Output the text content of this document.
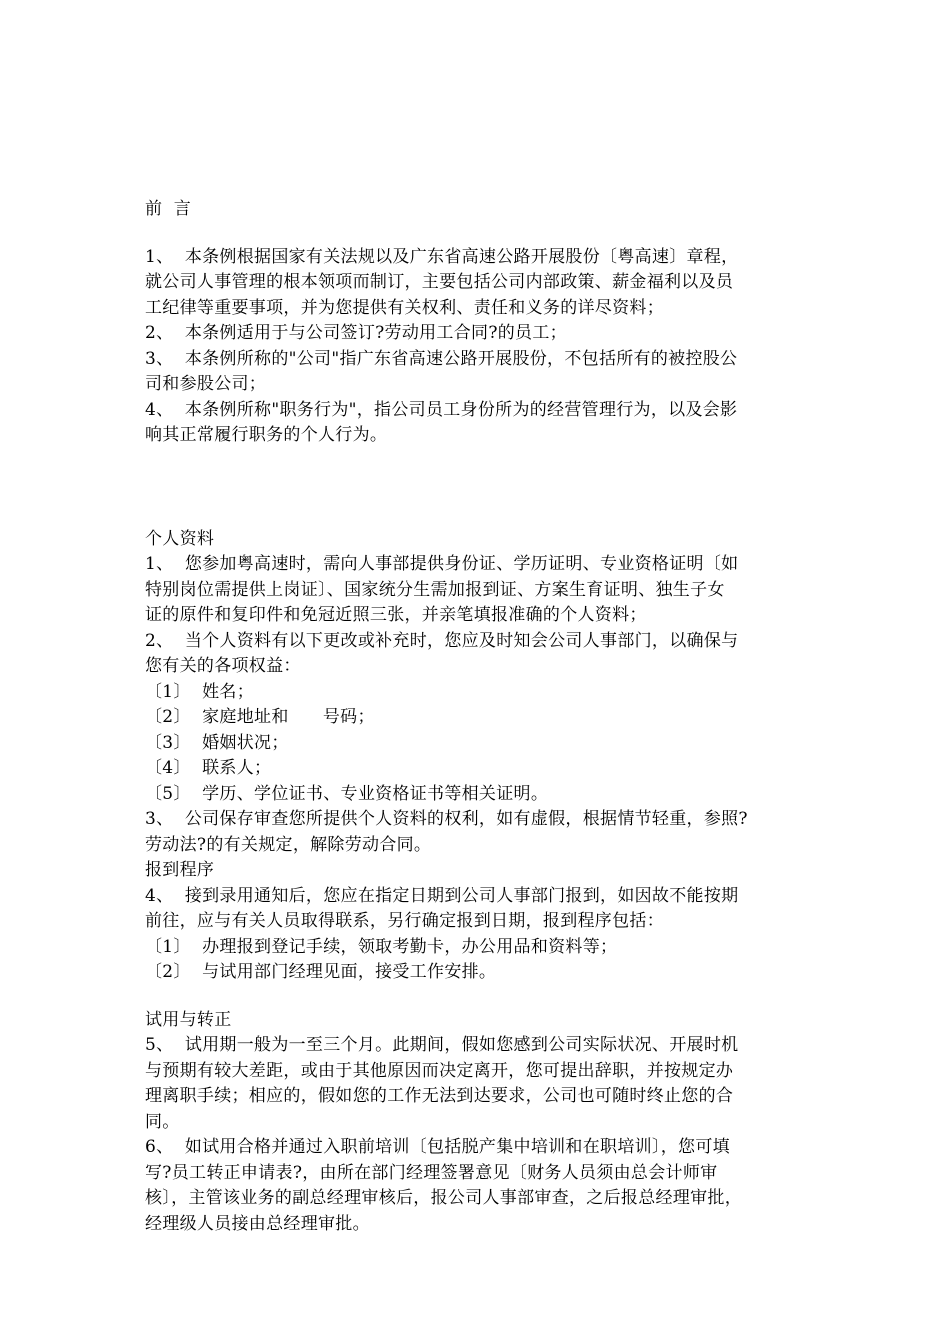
前  言
1、  本条例根据国家有关法规以及广东省高速公路开展股份〔粤高速〕章程，
就公司人事管理的根本领项而制订，主要包括公司内部政策、薪金福利以及员
工纪律等重要事项，并为您提供有关权利、责任和义务的详尽资料；
2、  本条例适用于与公司签订?劳动用工合同?的员工；
3、  本条例所称的"公司"指广东省高速公路开展股份，不包括所有的被控股公
司和参股公司；
4、  本条例所称"职务行为"，指公司员工身份所为的经营管理行为，以及会影
响其正常履行职务的个人行为。
个人资料
1、  您参加粤高速时，需向人事部提供身份证、学历证明、专业资格证明〔如
特别岗位需提供上岗证〕、国家统分生需加报到证、方案生育证明、独生子女
证的原件和复印件和免冠近照三张，并亲笔填报准确的个人资料；
2、  当个人资料有以下更改或补充时，您应及时知会公司人事部门，以确保与
您有关的各项权益：
〔1〕  姓名；
〔2〕  家庭地址和      号码；
〔3〕  婚姻状况；
〔4〕  联系人；
〔5〕  学历、学位证书、专业资格证书等相关证明。
3、  公司保存审查您所提供个人资料的权利，如有虚假，根据情节轻重，参照?
劳动法?的有关规定，解除劳动合同。
报到程序
4、  接到录用通知后，您应在指定日期到公司人事部门报到，如因故不能按期
前往，应与有关人员取得联系，另行确定报到日期，报到程序包括：
〔1〕  办理报到登记手续，领取考勤卡，办公用品和资料等；
〔2〕  与试用部门经理见面，接受工作安排。
试用与转正
5、  试用期一般为一至三个月。此期间，假如您感到公司实际状况、开展时机
与预期有较大差距，或由于其他原因而决定离开，您可提出辞职，并按规定办
理离职手续；相应的，假如您的工作无法到达要求，公司也可随时终止您的合
同。
6、  如试用合格并通过入职前培训〔包括脱产集中培训和在职培训〕，您可填
写?员工转正申请表?，由所在部门经理签署意见〔财务人员须由总会计师审
核〕，主管该业务的副总经理审核后，报公司人事部审查，之后报总经理审批，
经理级人员接由总经理审批。
